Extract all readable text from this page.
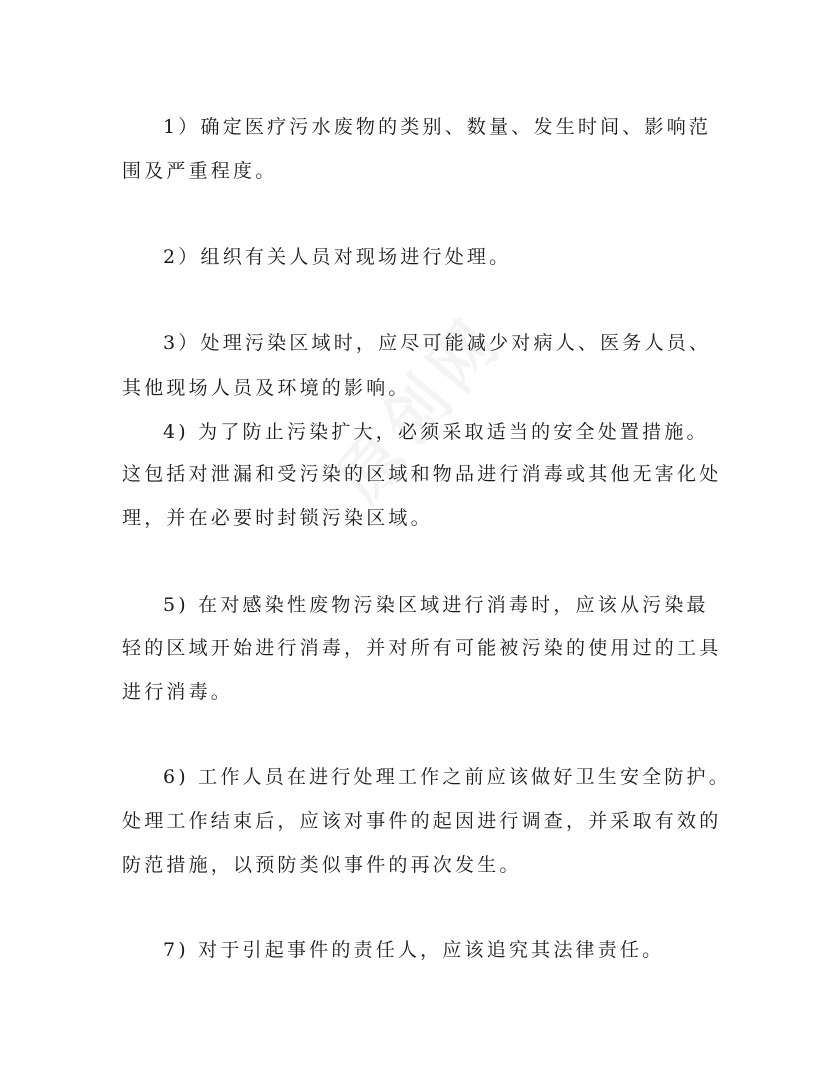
1）确定医疗污水废物的类别、数量、发生时间、影响范
围及严重程度。
2）组织有关人员对现场进行处理。
3）处理污染区域时，应尽可能减少对病人、医务人员、
其他现场人员及环境的影响。
4) 为了防止污染扩大，必须采取适当的安全处置措施。
这包括对泄漏和受污染的区域和物品进行消毒或其他无害化处
理，并在必要时封锁污染区域。
5) 在对感染性废物污染区域进行消毒时，应该从污染最
轻的区域开始进行消毒，并对所有可能被污染的使用过的工具
进行消毒。
6) 工作人员在进行处理工作之前应该做好卫生安全防护。
处理工作结束后，应该对事件的起因进行调查，并采取有效的
防范措施，以预防类似事件的再次发生。
7) 对于引起事件的责任人，应该追究其法律责任。
